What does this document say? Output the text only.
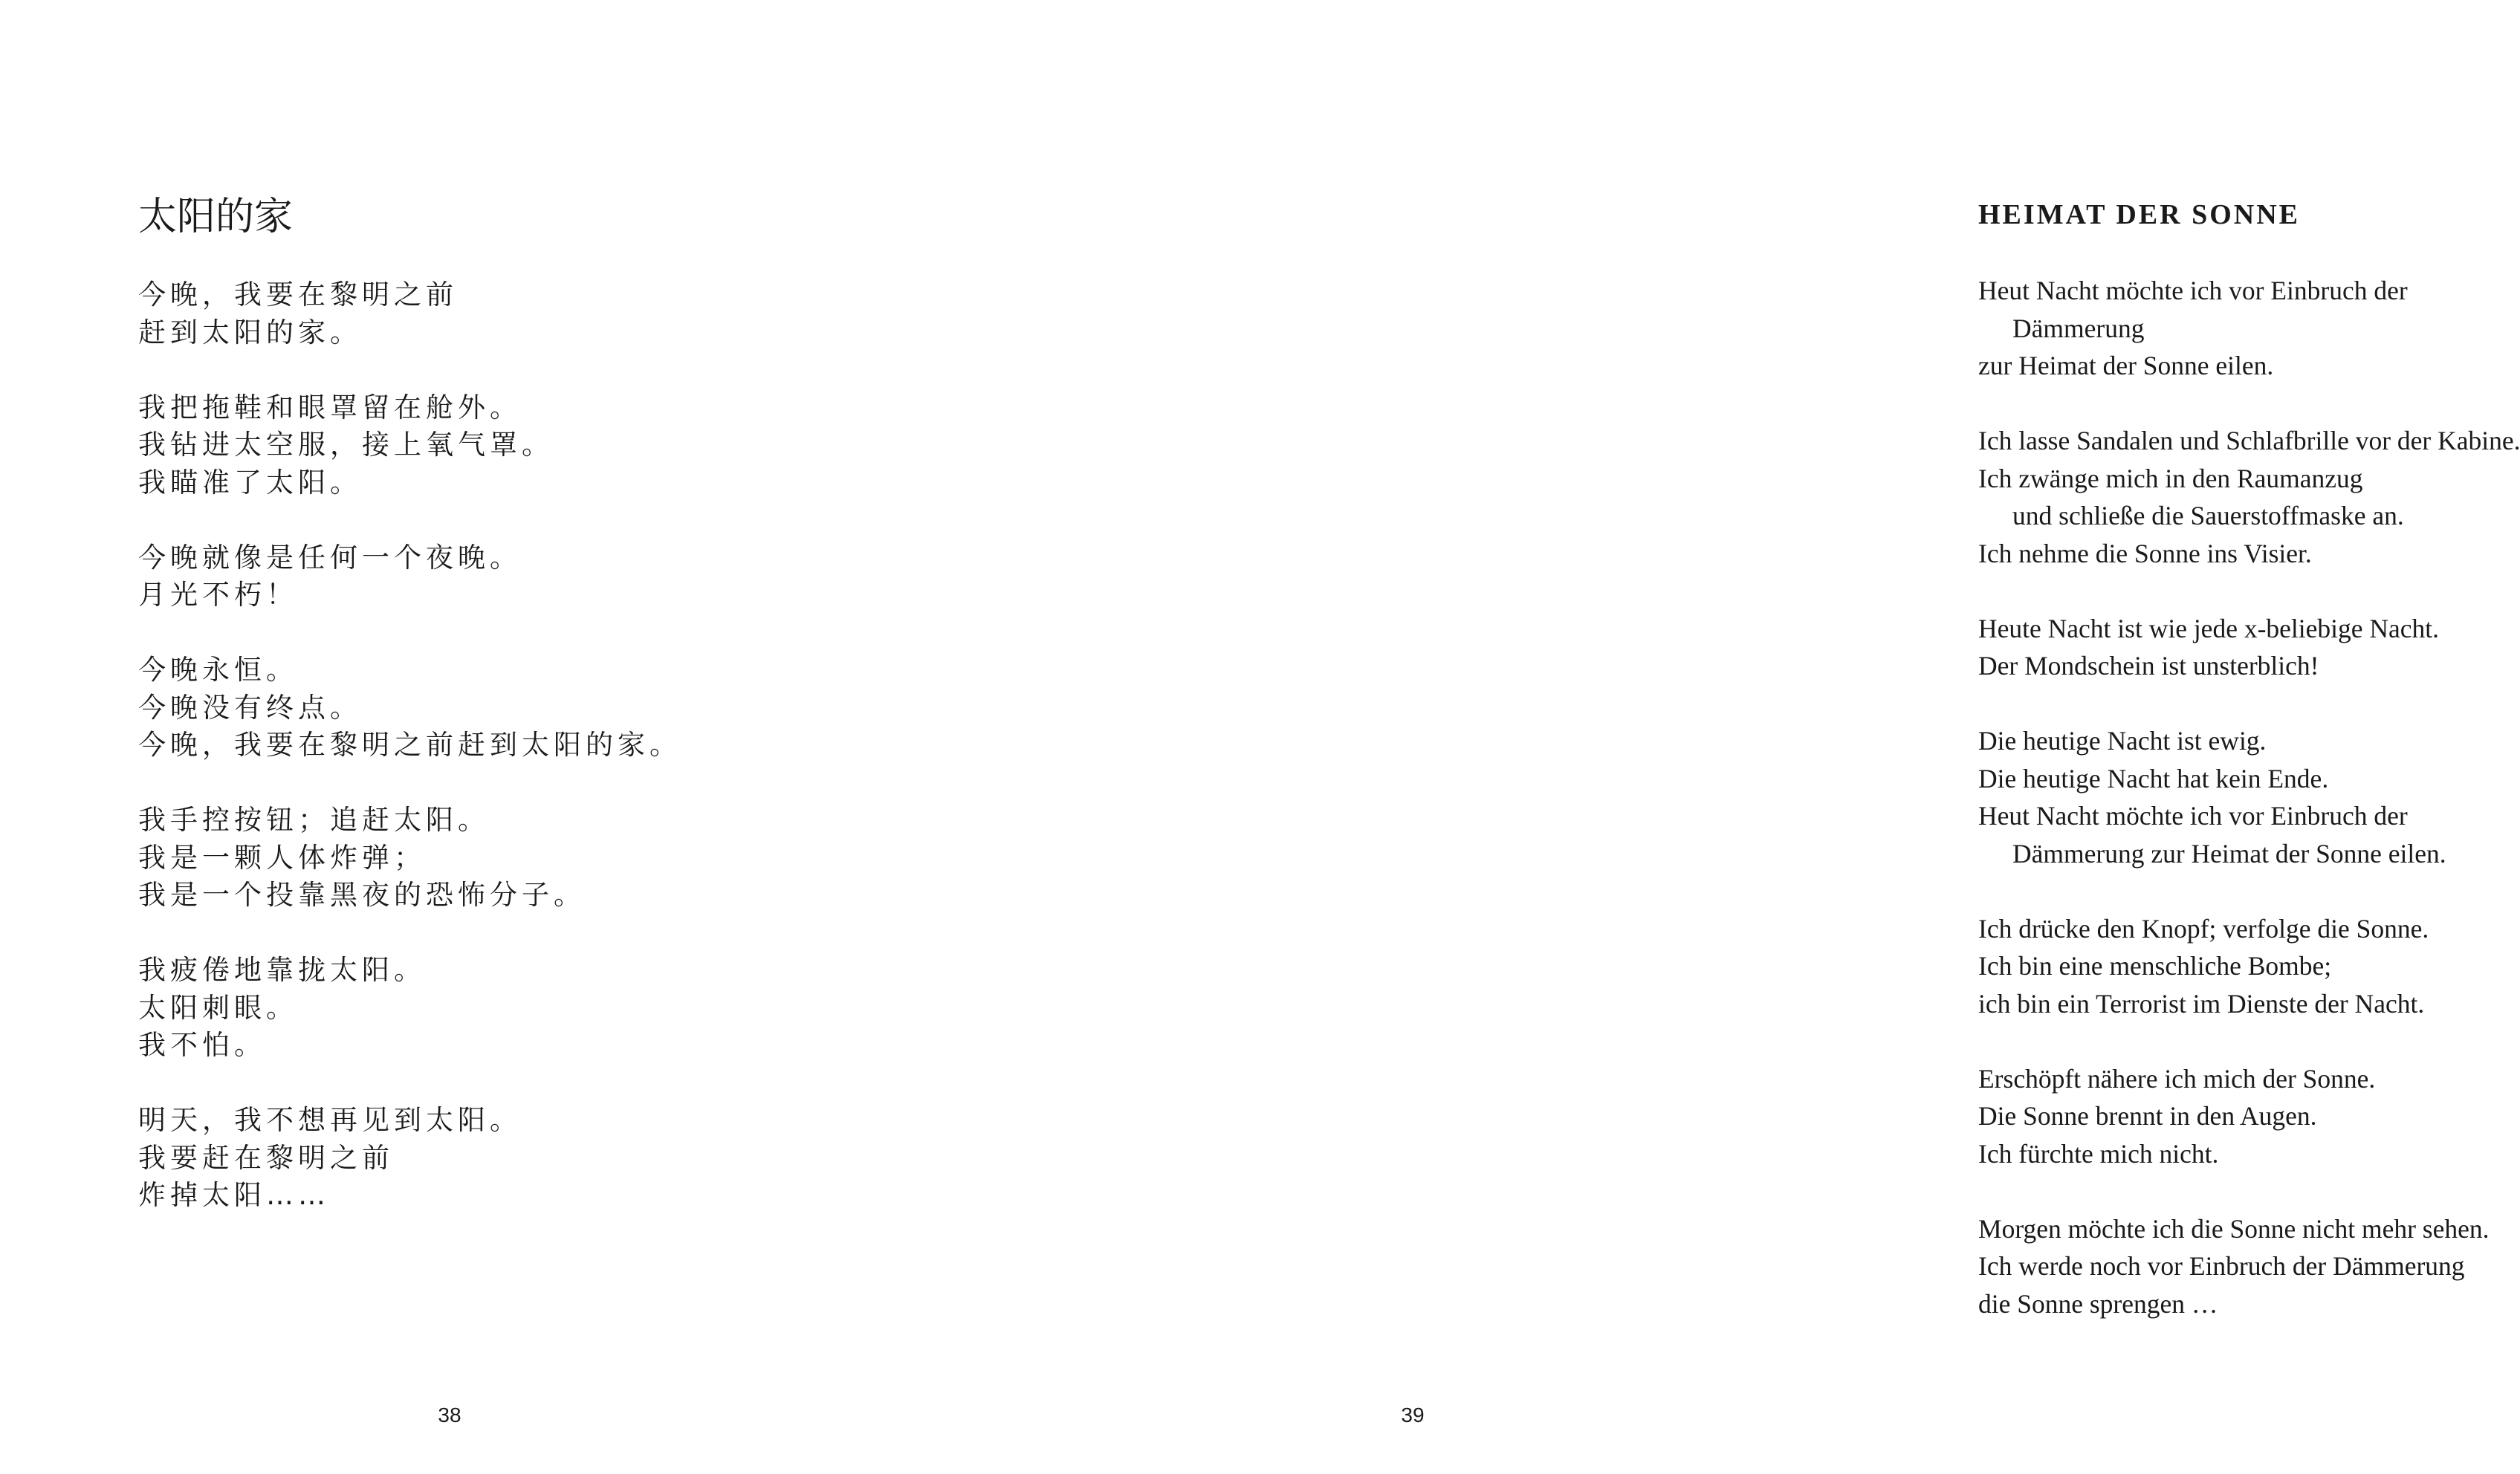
太阳的家
今晚，我要在黎明之前
赶到太阳的家。
我把拖鞋和眼罩留在舱外。
我钻进太空服，接上氧气罩。
我瞄准了太阳。
今晚就像是任何一个夜晚。
月光不朽！
今晚永恒。
今晚没有终点。
今晚，我要在黎明之前赶到太阳的家。
我手控按钮；追赶太阳。
我是一颗人体炸弹；
我是一个投靠黑夜的恐怖分子。
我疲倦地靠拢太阳。
太阳刺眼。
我不怕。
明天，我不想再见到太阳。
我要赶在黎明之前
炸掉太阳……
38
HEIMAT DER SONNE
Heut Nacht möchte ich vor Einbruch der
Dämmerung
zur Heimat der Sonne eilen.
Ich lasse Sandalen und Schlafbrille vor der Kabine.
Ich zwänge mich in den Raumanzug
und schließe die Sauerstoffmaske an.
Ich nehme die Sonne ins Visier.
Heute Nacht ist wie jede x-beliebige Nacht.
Der Mondschein ist unsterblich!
Die heutige Nacht ist ewig.
Die heutige Nacht hat kein Ende.
Heut Nacht möchte ich vor Einbruch der
Dämmerung zur Heimat der Sonne eilen.
Ich drücke den Knopf; verfolge die Sonne.
Ich bin eine menschliche Bombe;
ich bin ein Terrorist im Dienste der Nacht.
Erschöpft nähere ich mich der Sonne.
Die Sonne brennt in den Augen.
Ich fürchte mich nicht.
Morgen möchte ich die Sonne nicht mehr sehen.
Ich werde noch vor Einbruch der Dämmerung
die Sonne sprengen …
39
